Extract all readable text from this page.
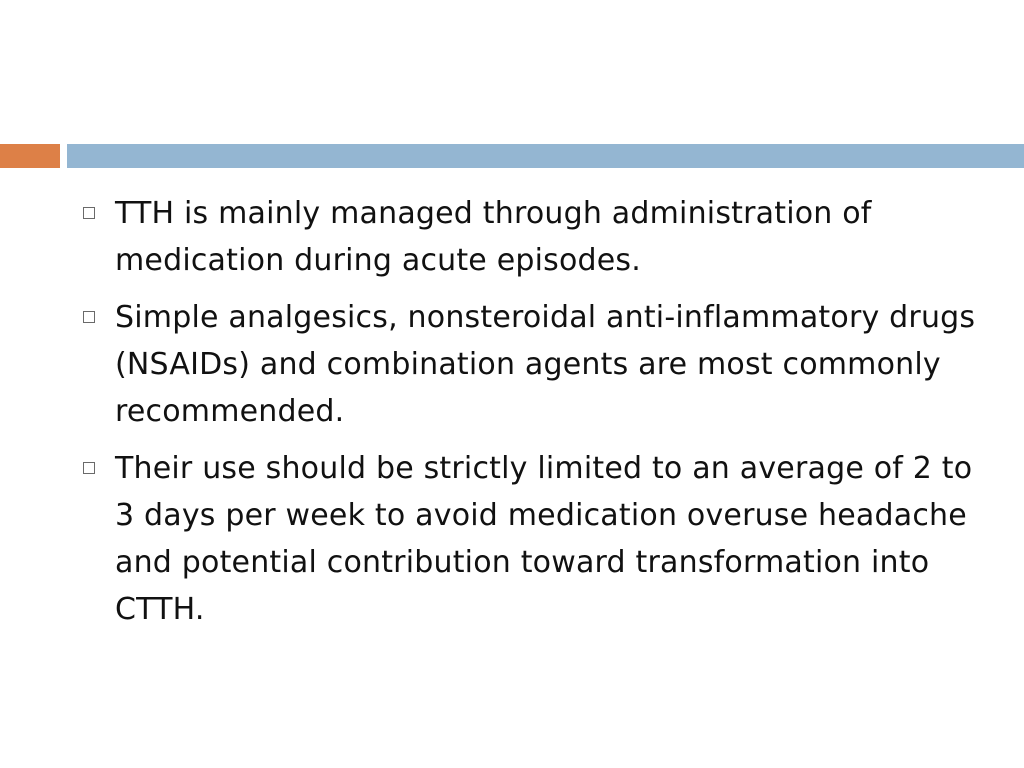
TTH is mainly managed through administration of medication during acute episodes.
Simple analgesics, nonsteroidal anti-inflammatory drugs (NSAIDs) and combination agents are most commonly recommended.
Their use should be strictly limited to an average of 2 to 3 days per week to avoid medication overuse headache and potential contribution toward transformation into CTTH.
